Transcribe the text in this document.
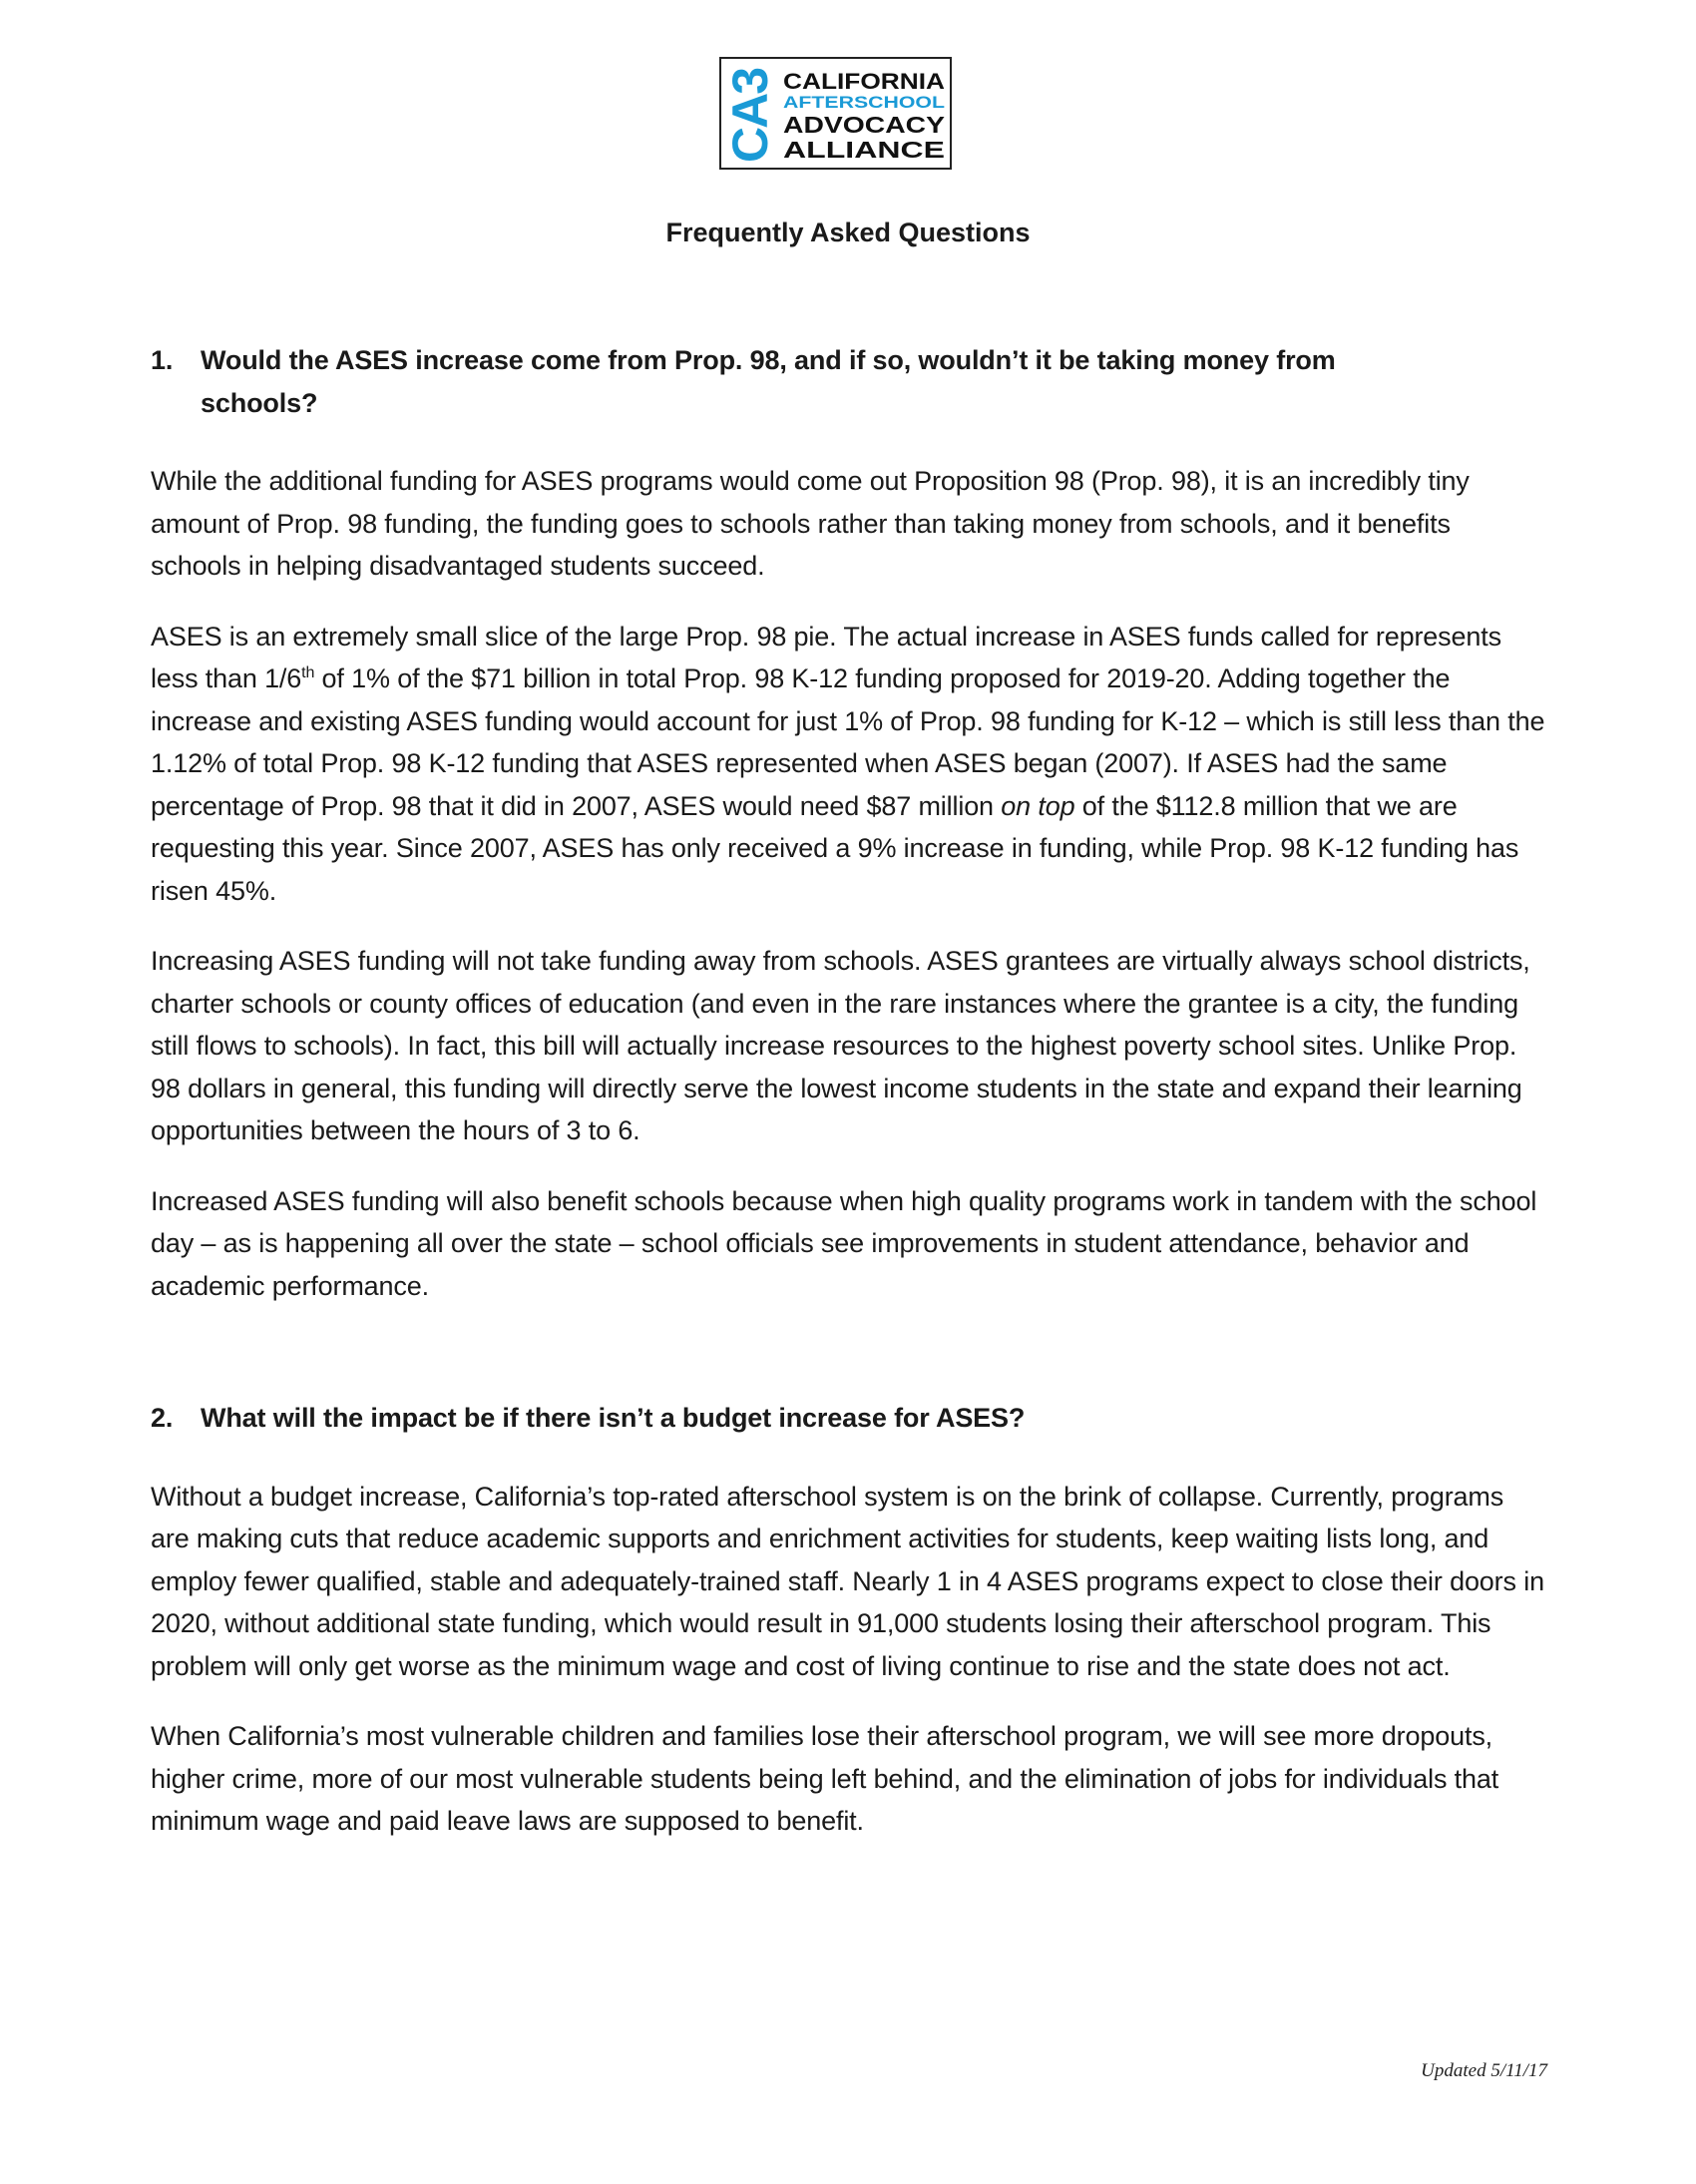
CA3 CALIFORNIA
AFTERSCHOOL
ADVOCACY
ALLIANCE
Frequently Asked Questions
1. Would the ASES increase come from Prop. 98, and if so, wouldn’t it be taking money from
schools?

While the additional funding for ASES programs would come out Proposition 98 (Prop. 98), it is an incredibly tiny amount of Prop. 98 funding, the funding goes to schools rather than taking money from schools, and it benefits schools in helping disadvantaged students succeed.

ASES is an extremely small slice of the large Prop. 98 pie. The actual increase in ASES funds called for represents less than 1/6th of 1% of the $71 billion in total Prop. 98 K-12 funding proposed for 2019-20. Adding together the increase and existing ASES funding would account for just 1% of Prop. 98 funding for K-12 – which is still less than the 1.12% of total Prop. 98 K-12 funding that ASES represented when ASES began (2007). If ASES had the same percentage of Prop. 98 that it did in 2007, ASES would need $87 million on top of the $112.8 million that we are requesting this year. Since 2007, ASES has only received a 9% increase in funding, while Prop. 98 K-12 funding has risen 45%.

Increasing ASES funding will not take funding away from schools. ASES grantees are virtually always school districts, charter schools or county offices of education (and even in the rare instances where the grantee is a city, the funding still flows to schools). In fact, this bill will actually increase resources to the highest poverty school sites. Unlike Prop. 98 dollars in general, this funding will directly serve the lowest income students in the state and expand their learning opportunities between the hours of 3 to 6.

Increased ASES funding will also benefit schools because when high quality programs work in tandem with the school day – as is happening all over the state – school officials see improvements in student attendance, behavior and academic performance.

2. What will the impact be if there isn’t a budget increase for ASES?

Without a budget increase, California’s top-rated afterschool system is on the brink of collapse. Currently, programs are making cuts that reduce academic supports and enrichment activities for students, keep waiting lists long, and employ fewer qualified, stable and adequately-trained staff. Nearly 1 in 4 ASES programs expect to close their doors in 2020, without additional state funding, which would result in 91,000 students losing their afterschool program. This problem will only get worse as the minimum wage and cost of living continue to rise and the state does not act.

When California’s most vulnerable children and families lose their afterschool program, we will see more dropouts, higher crime, more of our most vulnerable students being left behind, and the elimination of jobs for individuals that minimum wage and paid leave laws are supposed to benefit.

Updated 5/11/17
